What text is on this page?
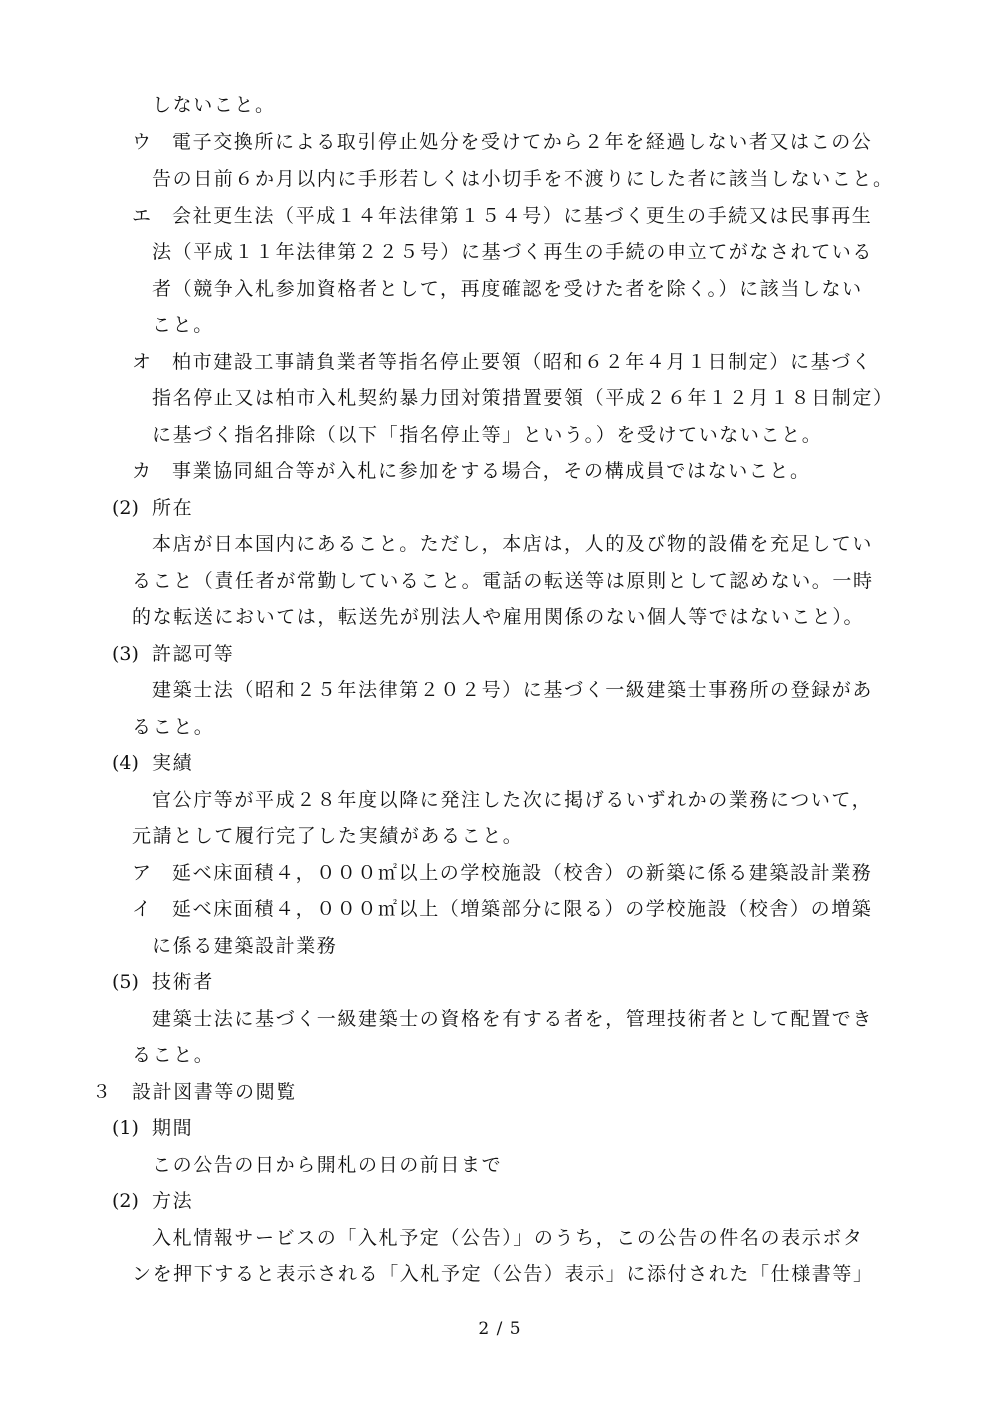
しないこと。
ウ 電子交換所による取引停止処分を受けてから２年を経過しない者又はこの公
告の日前６か月以内に手形若しくは小切手を不渡りにした者に該当しないこと。
エ 会社更生法（平成１４年法律第１５４号）に基づく更生の手続又は民事再生
法（平成１１年法律第２２５号）に基づく再生の手続の申立てがなされている
者（競争入札参加資格者として，再度確認を受けた者を除く。）に該当しない
こと。
オ 柏市建設工事請負業者等指名停止要領（昭和６２年４月１日制定）に基づく
指名停止又は柏市入札契約暴力団対策措置要領（平成２６年１２月１８日制定）
に基づく指名排除（以下「指名停止等」という。）を受けていないこと。
カ 事業協同組合等が入札に参加をする場合，その構成員ではないこと。
(2) 所在
本店が日本国内にあること。ただし，本店は，人的及び物的設備を充足してい
ること（責任者が常勤していること。電話の転送等は原則として認めない。一時
的な転送においては，転送先が別法人や雇用関係のない個人等ではないこと）。
(3) 許認可等
建築士法（昭和２５年法律第２０２号）に基づく一級建築士事務所の登録があ
ること。
(4) 実績
官公庁等が平成２８年度以降に発注した次に掲げるいずれかの業務について，
元請として履行完了した実績があること。
ア 延べ床面積４，０００㎡以上の学校施設（校舎）の新築に係る建築設計業務
イ 延べ床面積４，０００㎡以上（増築部分に限る）の学校施設（校舎）の増築
に係る建築設計業務
(5) 技術者
建築士法に基づく一級建築士の資格を有する者を，管理技術者として配置でき
ること。
３ 設計図書等の閲覧
(1) 期間
この公告の日から開札の日の前日まで
(2) 方法
入札情報サービスの「入札予定（公告）」のうち，この公告の件名の表示ボタ
ンを押下すると表示される「入札予定（公告）表示」に添付された「仕様書等」
2 / 5
